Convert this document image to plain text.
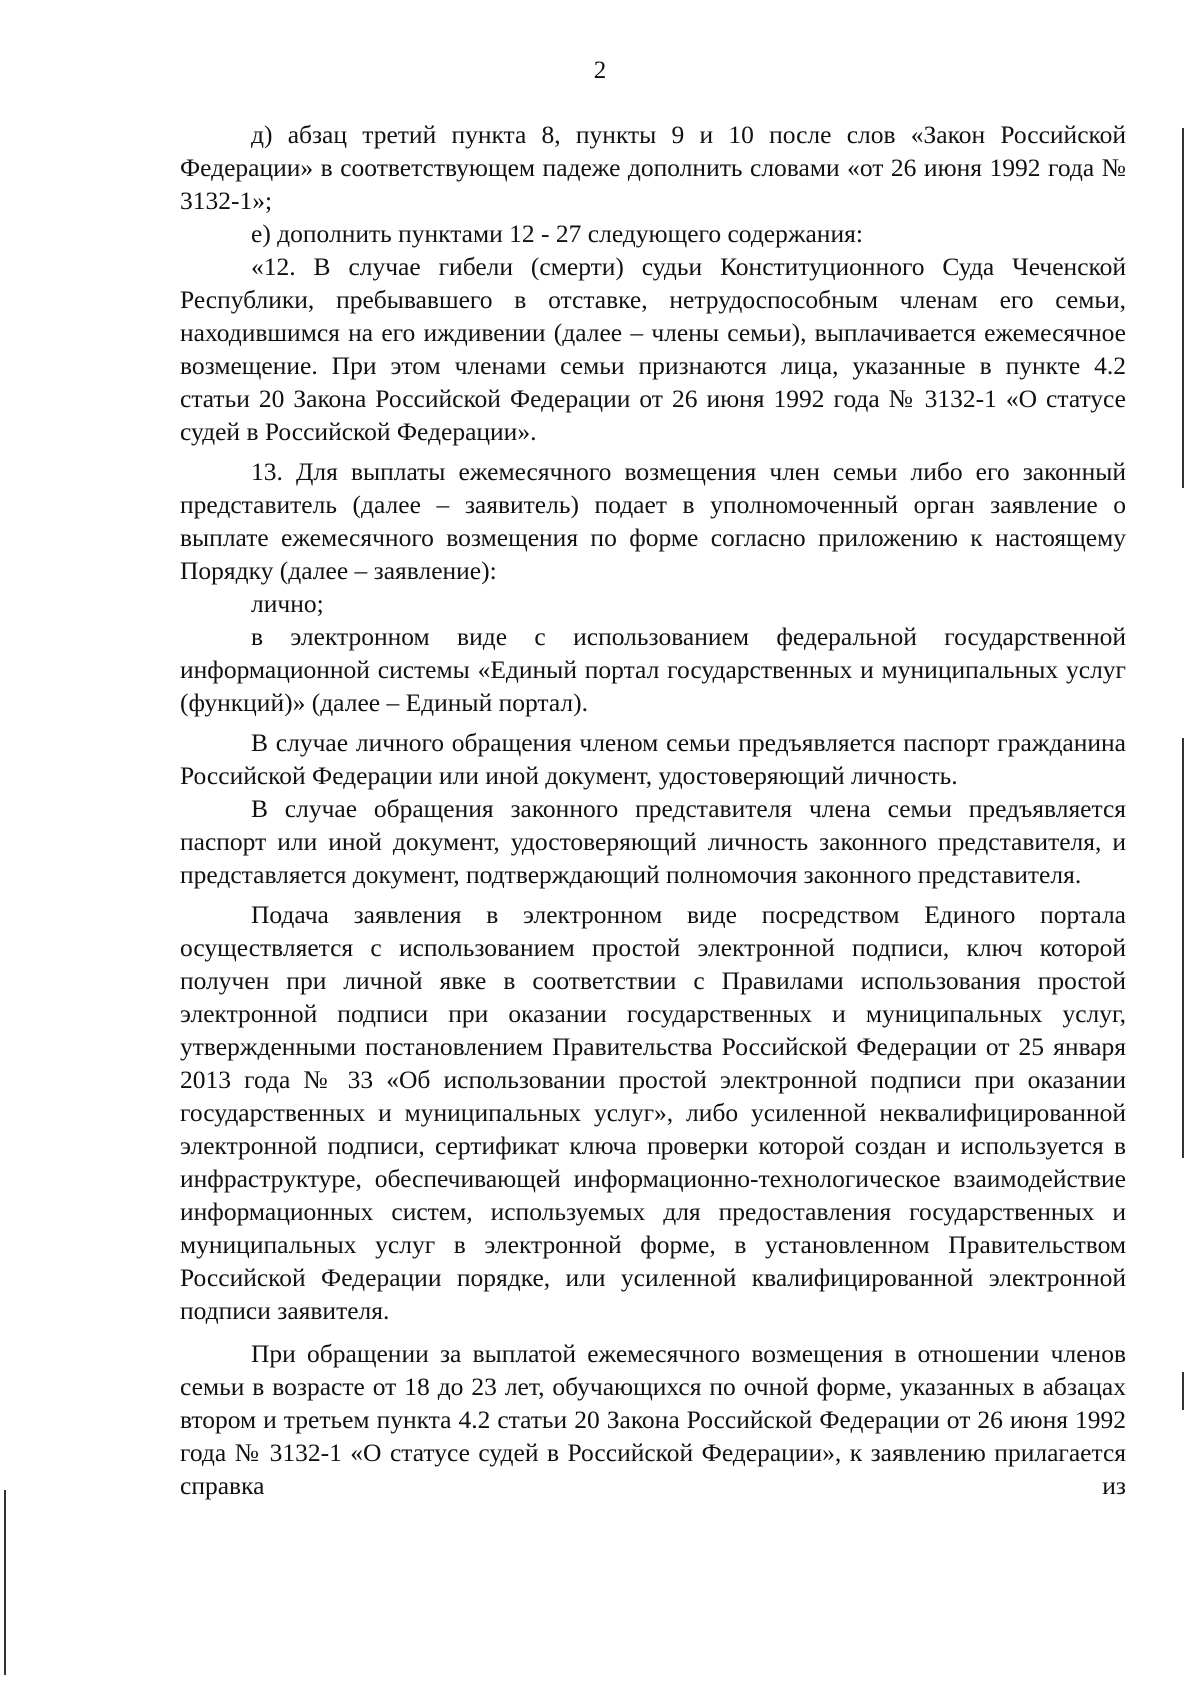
2

д) абзац третий пункта 8, пункты 9 и 10 после слов «Закон Российской Федерации» в соответствующем падеже дополнить словами «от 26 июня 1992 года № 3132-1»;

е) дополнить пунктами 12 - 27 следующего содержания:

«12. В случае гибели (смерти) судьи Конституционного Суда Чеченской Республики, пребывавшего в отставке, нетрудоспособным членам его семьи, находившимся на его иждивении (далее – члены семьи), выплачивается ежемесячное возмещение. При этом членами семьи признаются лица, указанные в пункте 4.2 статьи 20 Закона Российской Федерации от 26 июня 1992 года № 3132-1 «О статусе судей в Российской Федерации».

13. Для выплаты ежемесячного возмещения член семьи либо его законный представитель (далее – заявитель) подает в уполномоченный орган заявление о выплате ежемесячного возмещения по форме согласно приложению к настоящему Порядку (далее – заявление):

лично;

в электронном виде с использованием федеральной государственной информационной системы «Единый портал государственных и муниципальных услуг (функций)» (далее – Единый портал).

В случае личного обращения членом семьи предъявляется паспорт гражданина Российской Федерации или иной документ, удостоверяющий личность.

В случае обращения законного представителя члена семьи предъявляется паспорт или иной документ, удостоверяющий личность законного представителя, и представляется документ, подтверждающий полномочия законного представителя.

Подача заявления в электронном виде посредством Единого портала осуществляется с использованием простой электронной подписи, ключ которой получен при личной явке в соответствии с Правилами использования простой электронной подписи при оказании государственных и муниципальных услуг, утвержденными постановлением Правительства Российской Федерации от 25 января 2013 года № 33 «Об использовании простой электронной подписи при оказании государственных и муниципальных услуг», либо усиленной неквалифицированной электронной подписи, сертификат ключа проверки которой создан и используется в инфраструктуре, обеспечивающей информационно-технологическое взаимодействие информационных систем, используемых для предоставления государственных и муниципальных услуг в электронной форме, в установленном Правительством Российской Федерации порядке, или усиленной квалифицированной электронной подписи заявителя.

При обращении за выплатой ежемесячного возмещения в отношении членов семьи в возрасте от 18 до 23 лет, обучающихся по очной форме, указанных в абзацах втором и третьем пункта 4.2 статьи 20 Закона Российской Федерации от 26 июня 1992 года № 3132-1 «О статусе судей в Российской Федерации», к заявлению прилагается справка из
